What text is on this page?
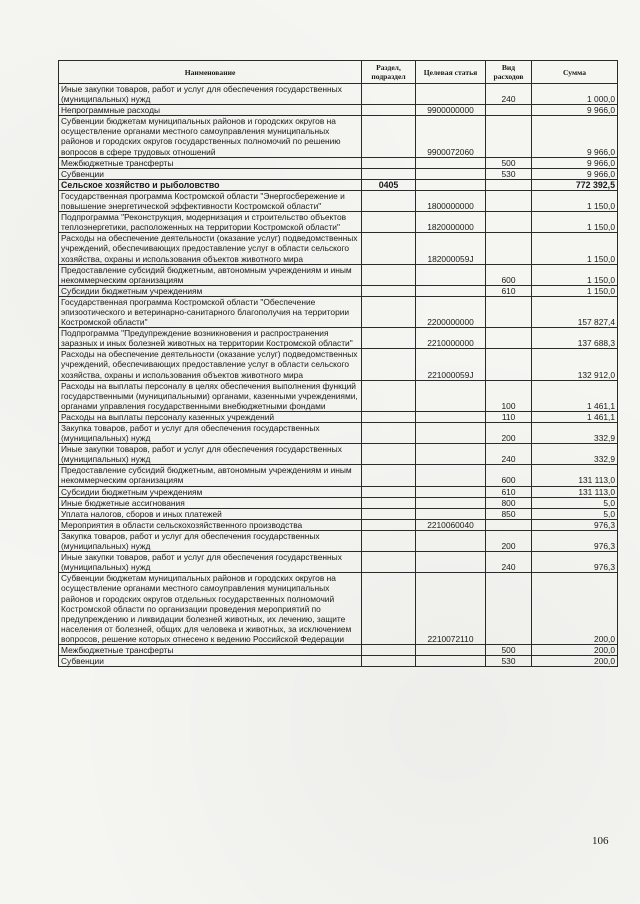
Наименование	Раздел, подраздел	Целевая статья	Вид расходов	Сумма
Иные закупки товаров, работ и услуг для обеспечения государственных (муниципальных) нужд			240	1 000,0
Непрограммные расходы		9900000000		9 966,0
Субвенции бюджетам муниципальных районов и городских округов на осуществление органами местного самоуправления муниципальных районов и городских округов государственных полномочий по решению вопросов в сфере трудовых отношений		9900072060		9 966,0
Межбюджетные трансферты			500	9 966,0
Субвенции			530	9 966,0
Сельское хозяйство и рыболовство	0405			772 392,5
Государственная программа Костромской области "Энергосбережение и повышение энергетической эффективности Костромской области"		1800000000		1 150,0
Подпрограмма "Реконструкция, модернизация и строительство объектов теплоэнергетики, расположенных на территории Костромской области"		1820000000		1 150,0
Расходы на обеспечение деятельности (оказание услуг) подведомственных учреждений, обеспечивающих предоставление услуг в области сельского хозяйства, охраны и использования объектов животного мира		182000059J		1 150,0
Предоставление субсидий бюджетным, автономным учреждениям и иным некоммерческим организациям			600	1 150,0
Субсидии бюджетным учреждениям			610	1 150,0
Государственная программа Костромской области "Обеспечение эпизоотического и ветеринарно-санитарного благополучия на территории Костромской области"		2200000000		157 827,4
Подпрограмма "Предупреждение возникновения и распространения заразных и иных болезней животных на территории Костромской области"		2210000000		137 688,3
Расходы на обеспечение деятельности (оказание услуг) подведомственных учреждений, обеспечивающих предоставление услуг в области сельского хозяйства, охраны и использования объектов животного мира		221000059J		132 912,0
Расходы на выплаты персоналу в целях обеспечения выполнения функций государственными (муниципальными) органами, казенными учреждениями, органами управления государственными внебюджетными фондами			100	1 461,1
Расходы на выплаты персоналу казенных учреждений			110	1 461,1
Закупка товаров, работ и услуг для обеспечения государственных (муниципальных) нужд			200	332,9
Иные закупки товаров, работ и услуг для обеспечения государственных (муниципальных) нужд			240	332,9
Предоставление субсидий бюджетным, автономным учреждениям и иным некоммерческим организациям			600	131 113,0
Субсидии бюджетным учреждениям			610	131 113,0
Иные бюджетные ассигнования			800	5,0
Уплата налогов, сборов и иных платежей			850	5,0
Мероприятия в области сельскохозяйственного производства		2210060040		976,3
Закупка товаров, работ и услуг для обеспечения государственных (муниципальных) нужд			200	976,3
Иные закупки товаров, работ и услуг для обеспечения государственных (муниципальных) нужд			240	976,3
Субвенции бюджетам муниципальных районов и городских округов на осуществление органами местного самоуправления муниципальных районов и городских округов отдельных государственных полномочий Костромской области по организации проведения мероприятий по предупреждению и ликвидации болезней животных, их лечению, защите населения от болезней, общих для человека и животных, за исключением вопросов, решение которых отнесено к ведению Российской Федерации		2210072110		200,0
Межбюджетные трансферты			500	200,0
Субвенции			530	200,0
106
